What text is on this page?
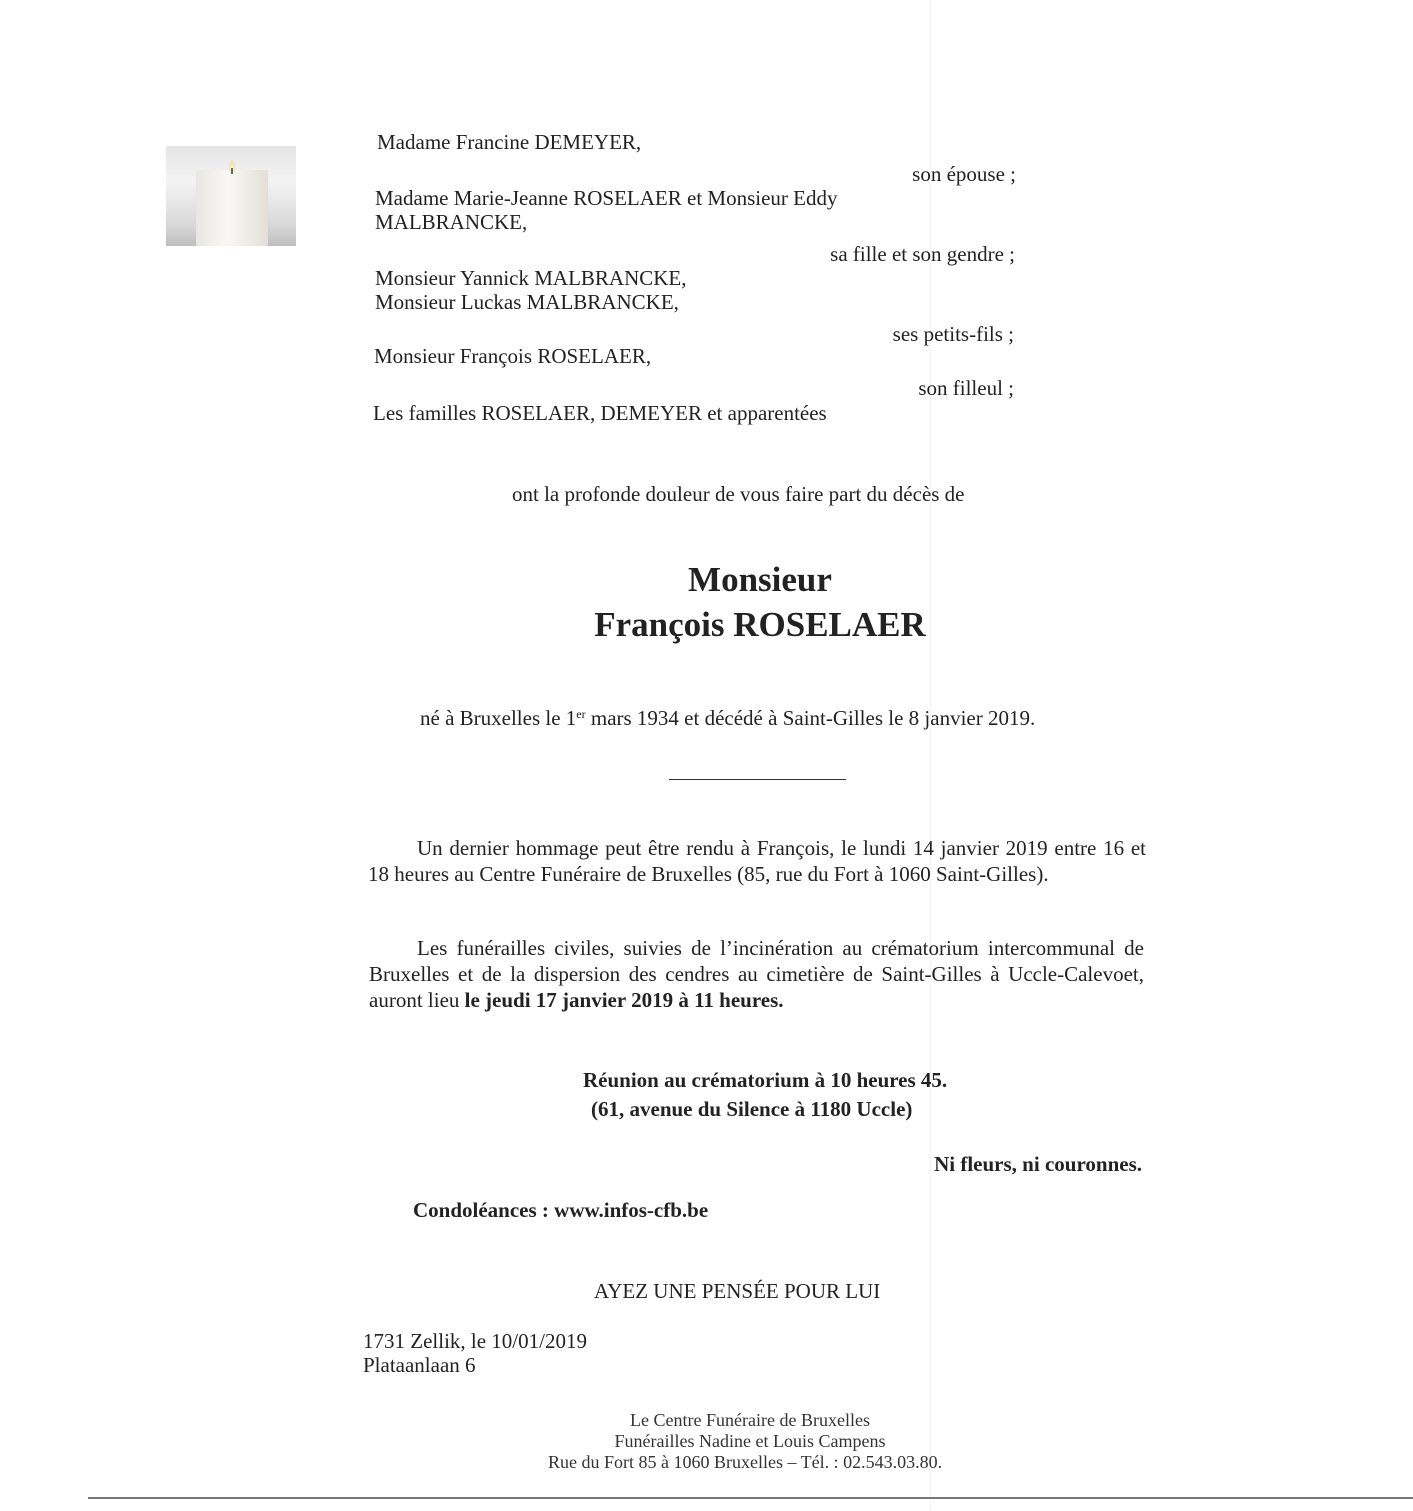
Madame Francine DEMEYER,
son épouse ;
Madame Marie-Jeanne ROSELAER et Monsieur Eddy
MALBRANCKE,
sa fille et son gendre ;
Monsieur Yannick MALBRANCKE,
Monsieur Luckas MALBRANCKE,
ses petits-fils ;
Monsieur François ROSELAER,
son filleul ;
Les familles ROSELAER, DEMEYER et apparentées
ont la profonde douleur de vous faire part du décès de
Monsieur
François ROSELAER
né à Bruxelles le 1er mars 1934 et décédé à Saint-Gilles le 8 janvier 2019.
Un dernier hommage peut être rendu à François, le lundi 14 janvier 2019 entre 16 et 18 heures au Centre Funéraire de Bruxelles (85, rue du Fort à 1060 Saint-Gilles).
Les funérailles civiles, suivies de l’incinération au crématorium intercommunal de Bruxelles et de la dispersion des cendres au cimetière de Saint-Gilles à Uccle-Calevoet, auront lieu le jeudi 17 janvier 2019 à 11 heures.
Réunion au crématorium à 10 heures 45.
(61, avenue du Silence à 1180 Uccle)
Ni fleurs, ni couronnes.
Condoléances : www.infos-cfb.be
AYEZ UNE PENSÉE POUR LUI
1731 Zellik, le 10/01/2019
Plataanlaan 6
Le Centre Funéraire de Bruxelles
Funérailles Nadine et Louis Campens
Rue du Fort 85 à 1060 Bruxelles – Tél. : 02.543.03.80.
